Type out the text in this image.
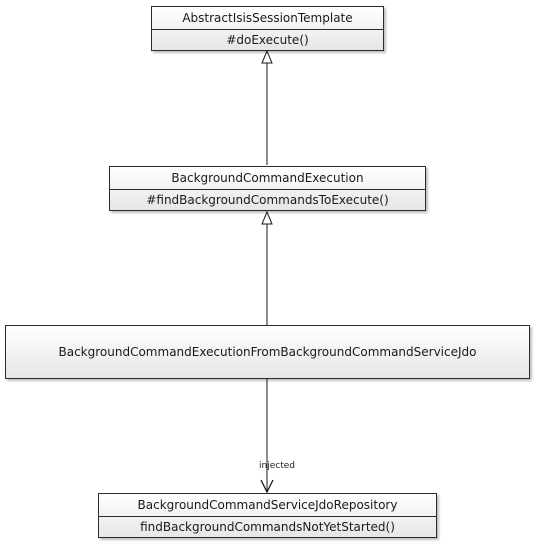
AbstractIsisSessionTemplate
#doExecute()
BackgroundCommandExecution
#findBackgroundCommandsToExecute()
BackgroundCommandExecutionFromBackgroundCommandServiceJdo
injected
BackgroundCommandServiceJdoRepository
findBackgroundCommandsNotYetStarted()
